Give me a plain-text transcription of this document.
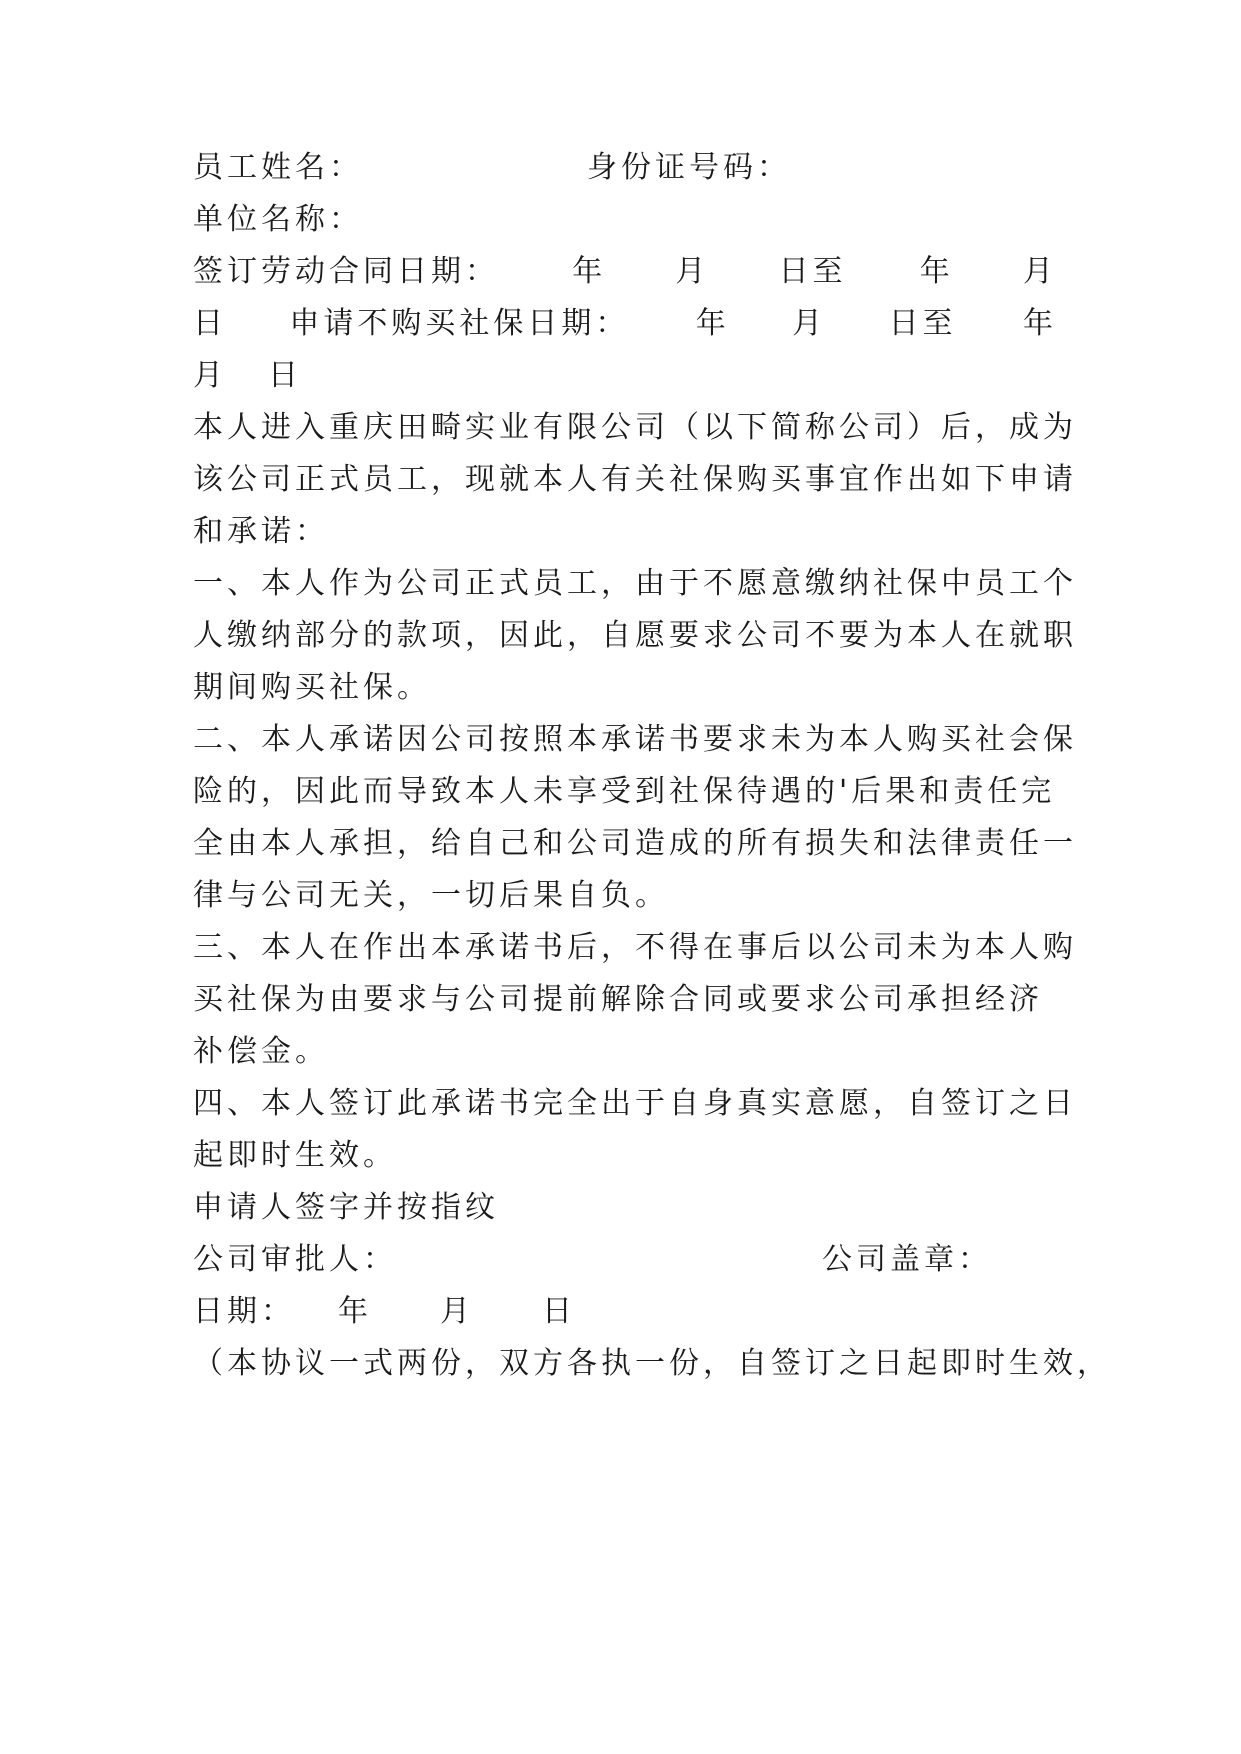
员工姓名：	身份证号码：
单位名称：
签订劳动合同日期： 年 月 日至 年 月
日 申请不购买社保日期： 年 月 日至 年
月 日
本人进入重庆田畸实业有限公司（以下简称公司）后，成为
该公司正式员工，现就本人有关社保购买事宜作出如下申请
和承诺：
一、本人作为公司正式员工，由于不愿意缴纳社保中员工个
人缴纳部分的款项，因此，自愿要求公司不要为本人在就职
期间购买社保。
二、本人承诺因公司按照本承诺书要求未为本人购买社会保
险的，因此而导致本人未享受到社保待遇的'后果和责任完
全由本人承担，给自己和公司造成的所有损失和法律责任一
律与公司无关，一切后果自负。
三、本人在作出本承诺书后，不得在事后以公司未为本人购
买社保为由要求与公司提前解除合同或要求公司承担经济
补偿金。
四、本人签订此承诺书完全出于自身真实意愿，自签订之日
起即时生效。
申请人签字并按指纹
公司审批人：	公司盖章：
日期： 年 月 日
（本协议一式两份，双方各执一份，自签订之日起即时生效，
